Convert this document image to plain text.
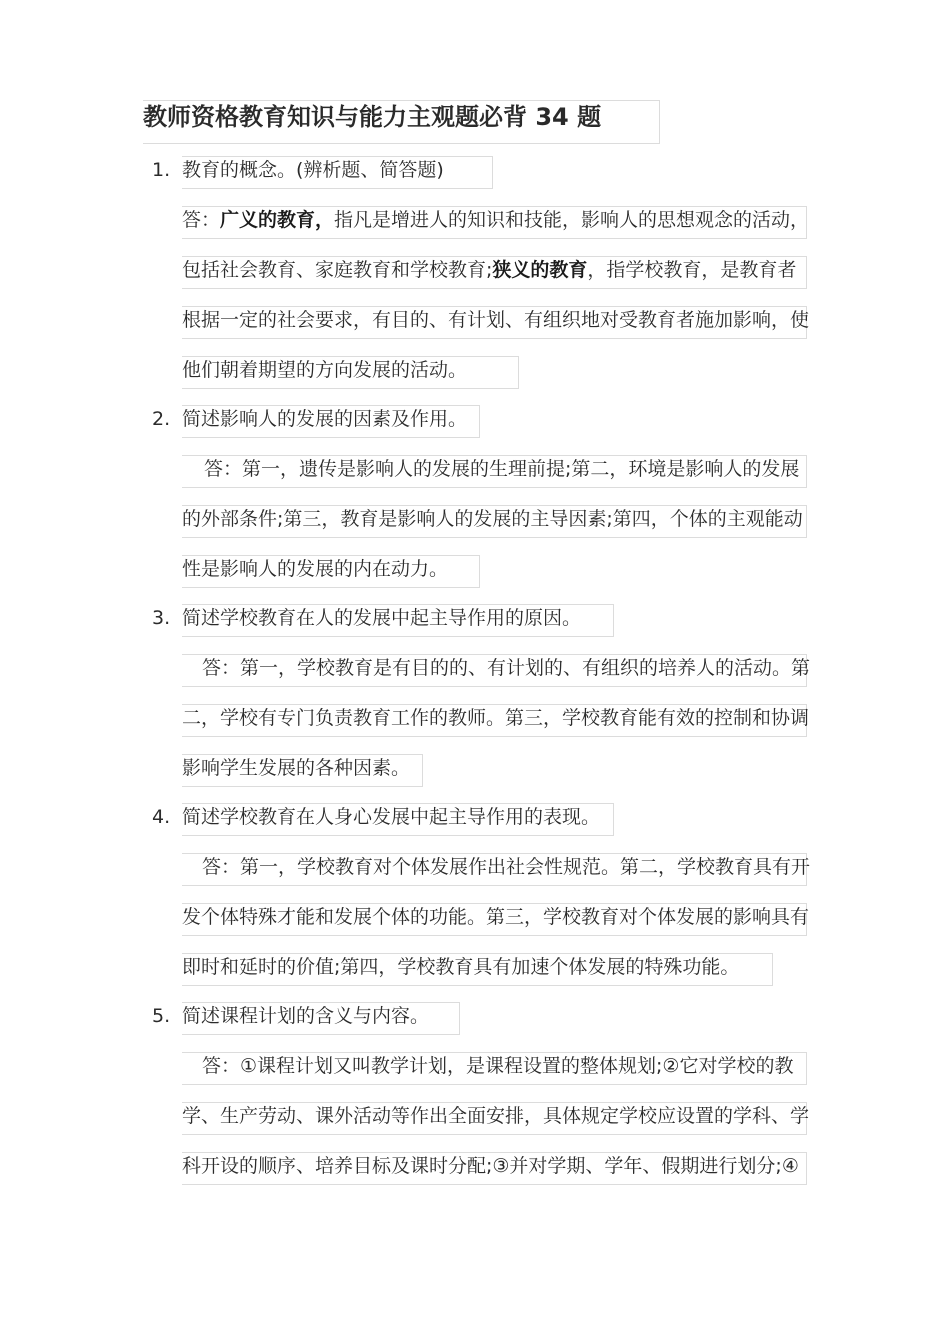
教师资格教育知识与能力主观题必背 34 题
1. 教育的概念。(辨析题、简答题)
答：广义的教育，指凡是增进人的知识和技能，影响人的思想观念的活动，
包括社会教育、家庭教育和学校教育;狭义的教育，指学校教育，是教育者
根据一定的社会要求，有目的、有计划、有组织地对受教育者施加影响，使
他们朝着期望的方向发展的活动。
2. 简述影响人的发展的因素及作用。
答：第一，遗传是影响人的发展的生理前提;第二，环境是影响人的发展
的外部条件;第三，教育是影响人的发展的主导因素;第四，个体的主观能动
性是影响人的发展的内在动力。
3. 简述学校教育在人的发展中起主导作用的原因。
答：第一，学校教育是有目的的、有计划的、有组织的培养人的活动。第
二，学校有专门负责教育工作的教师。第三，学校教育能有效的控制和协调
影响学生发展的各种因素。
4. 简述学校教育在人身心发展中起主导作用的表现。
答：第一，学校教育对个体发展作出社会性规范。第二，学校教育具有开
发个体特殊才能和发展个体的功能。第三，学校教育对个体发展的影响具有
即时和延时的价值;第四，学校教育具有加速个体发展的特殊功能。
5. 简述课程计划的含义与内容。
答：①课程计划又叫教学计划，是课程设置的整体规划;②它对学校的教
学、生产劳动、课外活动等作出全面安排，具体规定学校应设置的学科、学
科开设的顺序、培养目标及课时分配;③并对学期、学年、假期进行划分;④
